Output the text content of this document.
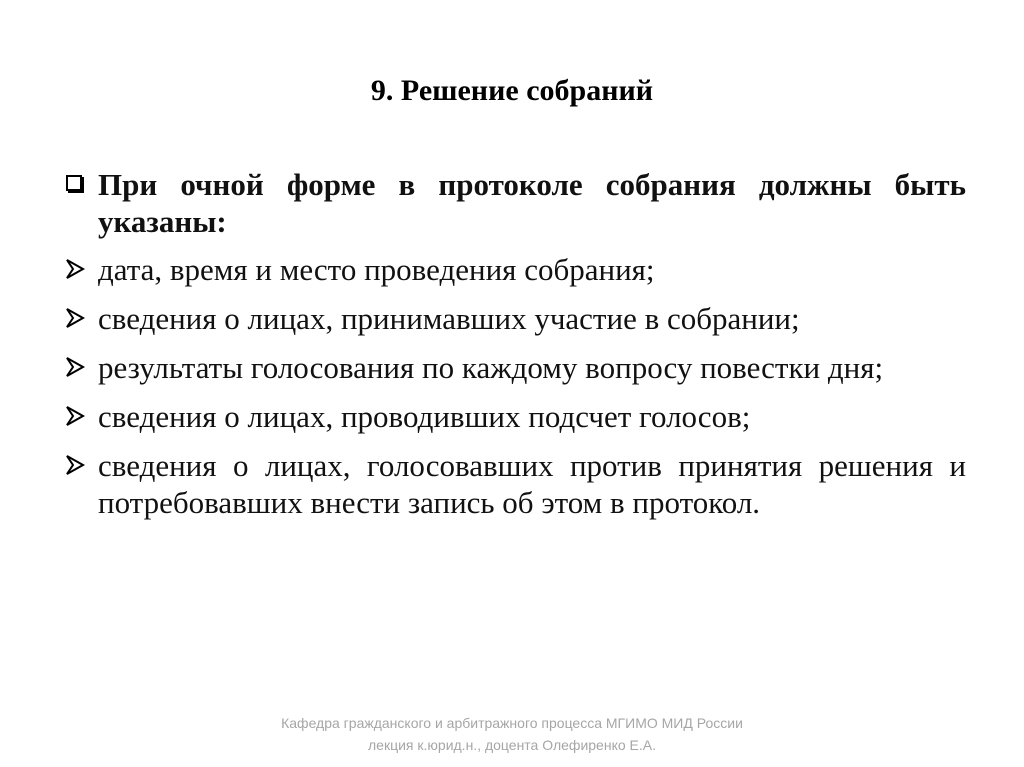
9. Решение собраний
При очной форме в протоколе собрания должны быть указаны:
дата, время и место проведения собрания;
сведения о лицах, принимавших участие в собрании;
результаты голосования по каждому вопросу повестки дня;
сведения о лицах, проводивших подсчет голосов;
сведения о лицах, голосовавших против принятия решения и потребовавших внести запись об этом в протокол.
Кафедра гражданского и арбитражного процесса МГИМО МИД России
лекция к.юрид.н., доцента Олефиренко Е.А.
